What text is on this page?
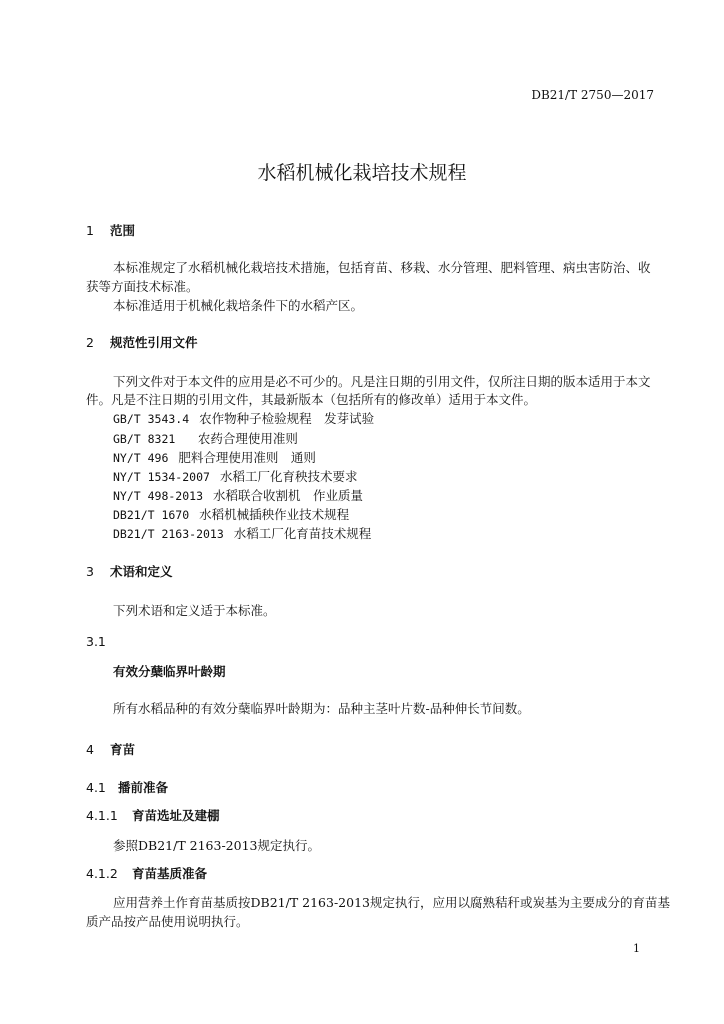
DB21/T 2750—2017
水稻机械化栽培技术规程
1 范围
本标准规定了水稻机械化栽培技术措施，包括育苗、移栽、水分管理、肥料管理、病虫害防治、收
获等方面技术标准。
本标准适用于机械化栽培条件下的水稻产区。
2 规范性引用文件
下列文件对于本文件的应用是必不可少的。凡是注日期的引用文件，仅所注日期的版本适用于本文
件。凡是不注日期的引用文件，其最新版本（包括所有的修改单）适用于本文件。
GB/T 3543.4 农作物种子检验规程　发芽试验
GB/T 8321　农药合理使用准则
NY/T 496 肥料合理使用准则　通则
NY/T 1534-2007 水稻工厂化育秧技术要求
NY/T 498-2013 水稻联合收割机　作业质量
DB21/T 1670 水稻机械插秧作业技术规程
DB21/T 2163-2013 水稻工厂化育苗技术规程
3 术语和定义
下列术语和定义适于本标准。
3.1
有效分蘖临界叶龄期
所有水稻品种的有效分蘖临界叶龄期为：品种主茎叶片数-品种伸长节间数。
4 育苗
4.1 播前准备
4.1.1 育苗选址及建棚
参照DB21/T 2163-2013规定执行。
4.1.2 育苗基质准备
应用营养土作育苗基质按DB21/T 2163-2013规定执行，应用以腐熟秸秆或炭基为主要成分的育苗基
质产品按产品使用说明执行。
1
